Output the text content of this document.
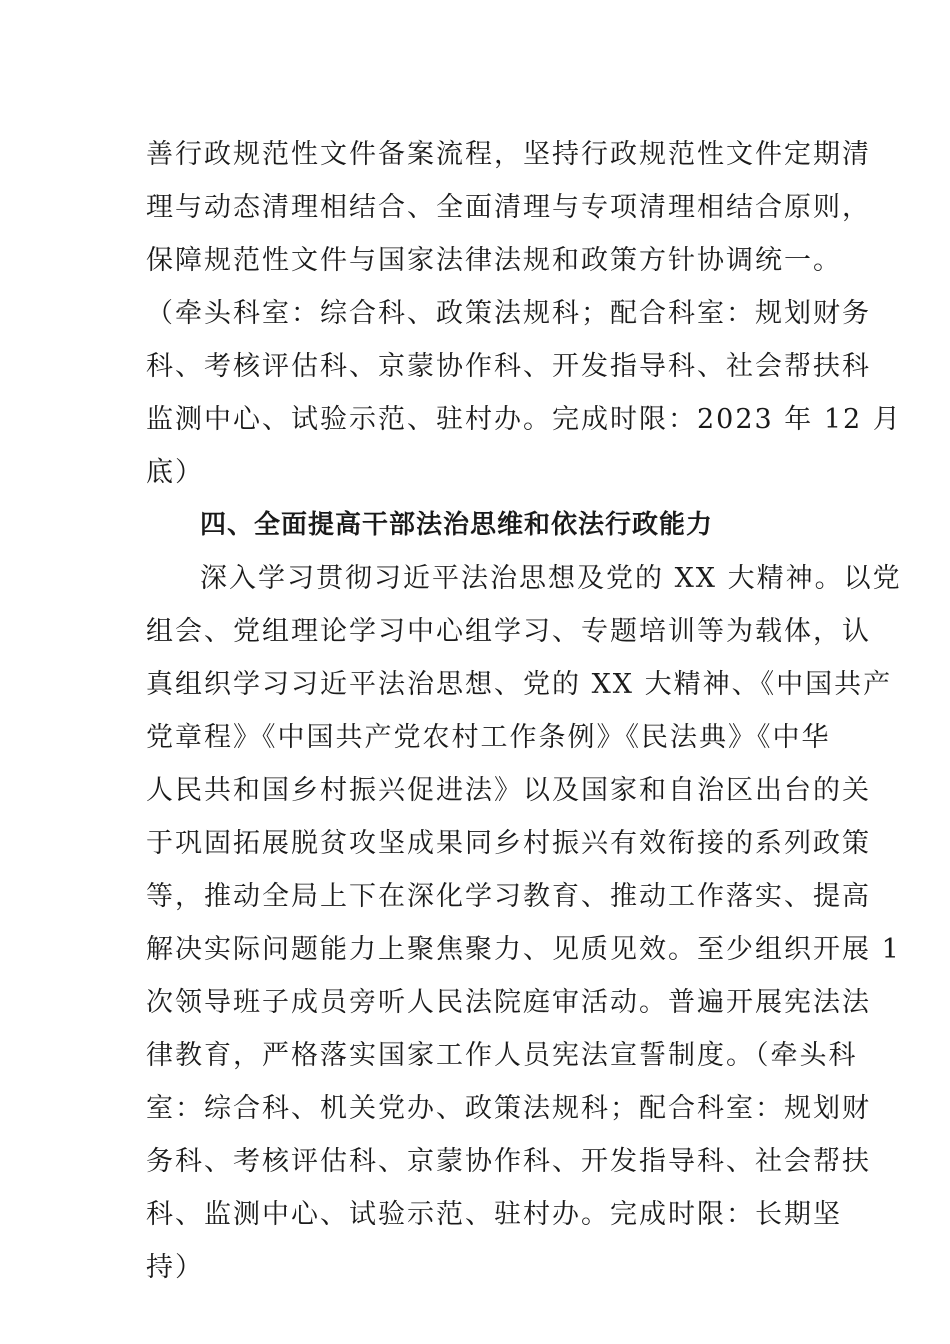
善行政规范性文件备案流程，坚持行政规范性文件定期清
理与动态清理相结合、全面清理与专项清理相结合原则，
保障规范性文件与国家法律法规和政策方针协调统一。
（牵头科室：综合科、政策法规科；配合科室：规划财务
科、考核评估科、京蒙协作科、开发指导科、社会帮扶科
监测中心、试验示范、驻村办。完成时限：2023 年 12 月
底）
四、全面提高干部法治思维和依法行政能力
深入学习贯彻习近平法治思想及党的 XX 大精神。以党
组会、党组理论学习中心组学习、专题培训等为载体，认
真组织学习习近平法治思想、党的 XX 大精神、《中国共产
党章程》《中国共产党农村工作条例》《民法典》《中华
人民共和国乡村振兴促进法》以及国家和自治区出台的关
于巩固拓展脱贫攻坚成果同乡村振兴有效衔接的系列政策
等，推动全局上下在深化学习教育、推动工作落实、提高
解决实际问题能力上聚焦聚力、见质见效。至少组织开展 1
次领导班子成员旁听人民法院庭审活动。普遍开展宪法法
律教育，严格落实国家工作人员宪法宣誓制度。（牵头科
室：综合科、机关党办、政策法规科；配合科室：规划财
务科、考核评估科、京蒙协作科、开发指导科、社会帮扶
科、监测中心、试验示范、驻村办。完成时限：长期坚
持）
